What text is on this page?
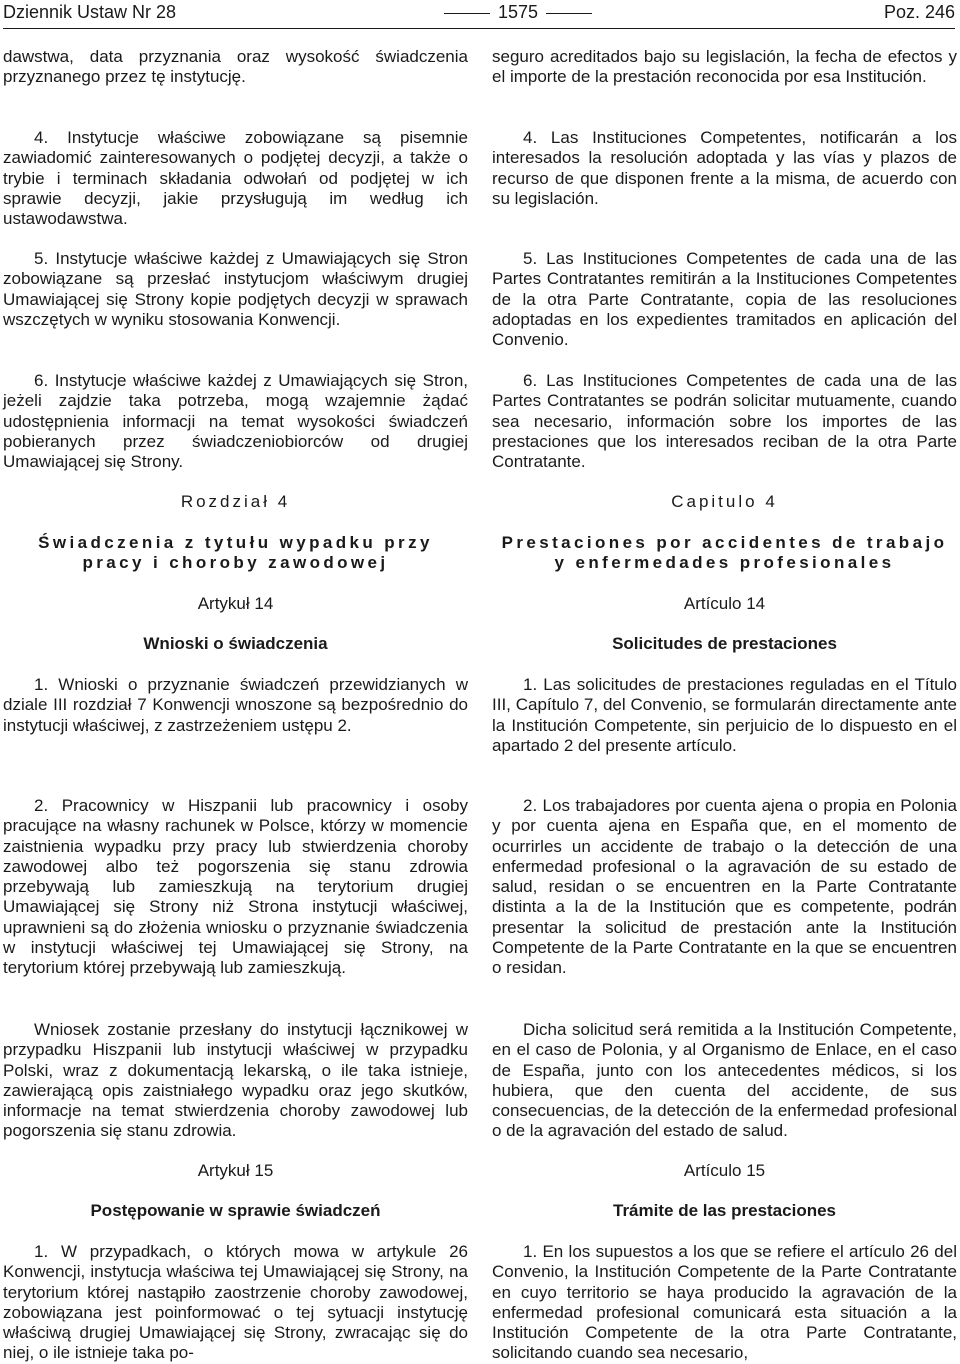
Dziennik Ustaw Nr 28	1575	Poz. 246

dawstwa, data przyznania oraz wysokość świadczenia przyznanego przez tę instytucję.

4. Instytucje właściwe zobowiązane są pisemnie zawiadomić zainteresowanych o podjętej decyzji, a także o trybie i terminach składania odwołań od podjętej w ich sprawie decyzji, jakie przysługują im według ich ustawodawstwa.

5. Instytucje właściwe każdej z Umawiających się Stron zobowiązane są przesłać instytucjom właściwym drugiej Umawiającej się Strony kopie podjętych decyzji w sprawach wszczętych w wyniku stosowania Konwencji.

6. Instytucje właściwe każdej z Umawiających się Stron, jeżeli zajdzie taka potrzeba, mogą wzajemnie żądać udostępnienia informacji na temat wysokości świadczeń pobieranych przez świadczeniobiorców od drugiej Umawiającej się Strony.

Rozdział 4
Świadczenia z tytułu wypadku przy pracy i choroby zawodowej
Artykuł 14
Wnioski o świadczenia

1. Wnioski o przyznanie świadczeń przewidzianych w dziale III rozdział 7 Konwencji wnoszone są bezpośrednio do instytucji właściwej, z zastrzeżeniem ustępu 2.

2. Pracownicy w Hiszpanii lub pracownicy i osoby pracujące na własny rachunek w Polsce, którzy w momencie zaistnienia wypadku przy pracy lub stwierdzenia choroby zawodowej albo też pogorszenia się stanu zdrowia przebywają lub zamieszkują na terytorium drugiej Umawiającej się Strony niż Strona instytucji właściwej, uprawnieni są do złożenia wniosku o przyznanie świadczenia w instytucji właściwej tej Umawiającej się Strony, na terytorium której przebywają lub zamieszkują.

Wniosek zostanie przesłany do instytucji łącznikowej w przypadku Hiszpanii lub instytucji właściwej w przypadku Polski, wraz z dokumentacją lekarską, o ile taka istnieje, zawierającą opis zaistniałego wypadku oraz jego skutków, informacje na temat stwierdzenia choroby zawodowej lub pogorszenia się stanu zdrowia.

Artykuł 15
Postępowanie w sprawie świadczeń

1. W przypadkach, o których mowa w artykule 26 Konwencji, instytucja właściwa tej Umawiającej się Strony, na terytorium której nastąpiło zaostrzenie choroby zawodowej, zobowiązana jest poinformować o tej sytuacji instytucję właściwą drugiej Umawiającej się Strony, zwracając się do niej, o ile istnieje taka po-

seguro acreditados bajo su legislación, la fecha de efectos y el importe de la prestación reconocida por esa Institución.

4. Las Instituciones Competentes, notificarán a los interesados la resolución adoptada y las vías y plazos de recurso de que disponen frente a la misma, de acuerdo con su legislación.

5. Las Instituciones Competentes de cada una de las Partes Contratantes remitirán a la Instituciones Competentes de la otra Parte Contratante, copia de las resoluciones adoptadas en los expedientes tramitados en aplicación del Convenio.

6. Las Instituciones Competentes de cada una de las Partes Contratantes se podrán solicitar mutuamente, cuando sea necesario, información sobre los importes de las prestaciones que los interesados reciban de la otra Parte Contratante.

Capitulo 4
Prestaciones por accidentes de trabajo y enfermedades profesionales
Artículo 14
Solicitudes de prestaciones

1. Las solicitudes de prestaciones reguladas en el Título III, Capítulo 7, del Convenio, se formularán directamente ante la Institución Competente, sin perjuicio de lo dispuesto en el apartado 2 del presente artículo.

2. Los trabajadores por cuenta ajena o propia en Polonia y por cuenta ajena en España que, en el momento de ocurrirles un accidente de trabajo o la detección de una enfermedad profesional o la agravación de su estado de salud, residan o se encuentren en la Parte Contratante distinta a la de la Institución que es competente, podrán presentar la solicitud de prestación ante la Institución Competente de la Parte Contratante en la que se encuentren o residan.

Dicha solicitud será remitida a la Institución Competente, en el caso de Polonia, y al Organismo de Enlace, en el caso de España, junto con los antecedentes médicos, si los hubiera, que den cuenta del accidente, de sus consecuencias, de la detección de la enfermedad profesional o de la agravación del estado de salud.

Artículo 15
Trámite de las prestaciones

1. En los supuestos a los que se refiere el artículo 26 del Convenio, la Institución Competente de la Parte Contratante en cuyo territorio se haya producido la agravación de la enfermedad profesional comunicará esta situación a la Institución Competente de la otra Parte Contratante, solicitando cuando sea necesario,
